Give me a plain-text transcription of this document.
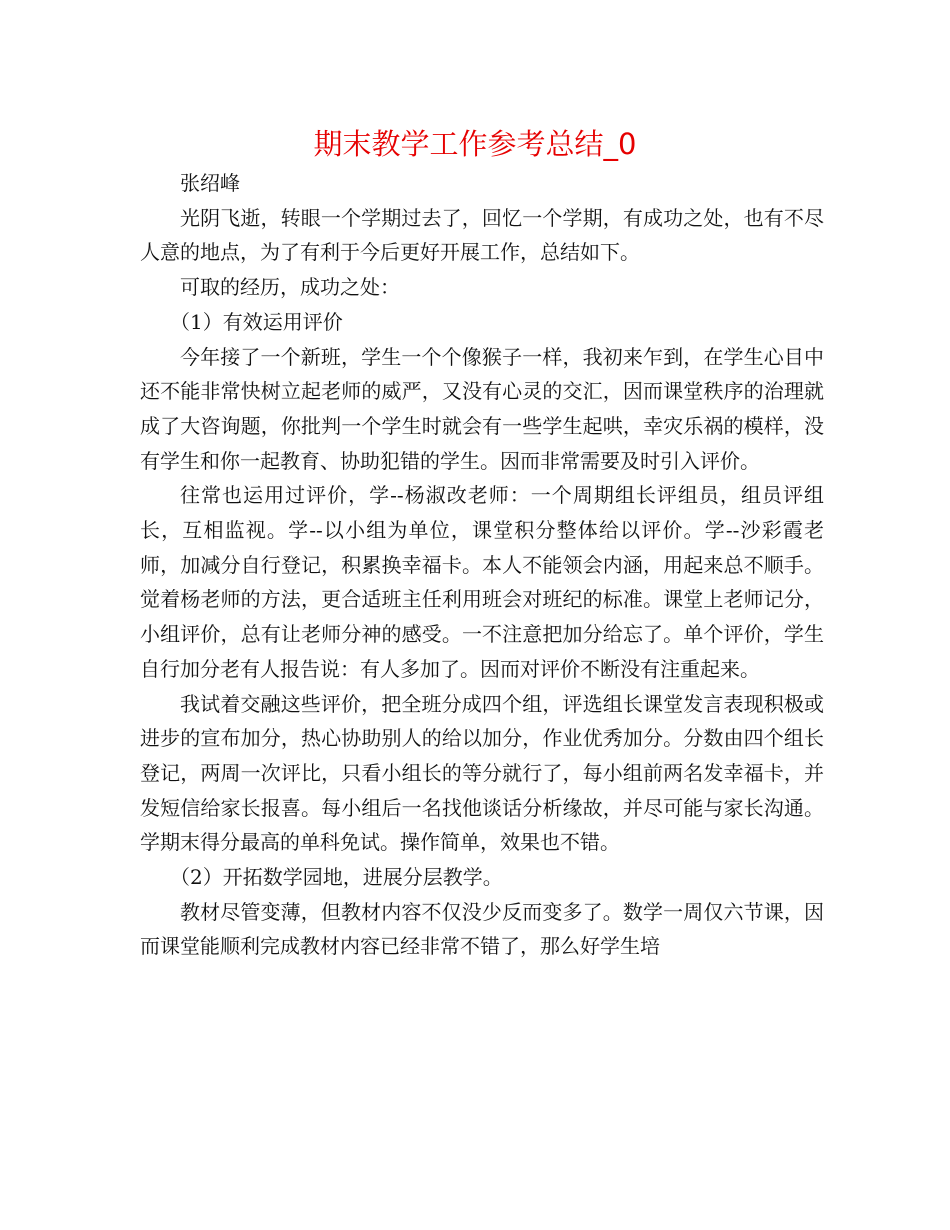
期末教学工作参考总结_0

张绍峰

光阴飞逝，转眼一个学期过去了，回忆一个学期，有成功之处，也有不尽人意的地点，为了有利于今后更好开展工作，总结如下。

可取的经历，成功之处：

（1）有效运用评价

今年接了一个新班，学生一个个像猴子一样，我初来乍到，在学生心目中还不能非常快树立起老师的威严，又没有心灵的交汇，因而课堂秩序的治理就成了大咨询题，你批判一个学生时就会有一些学生起哄，幸灾乐祸的模样，没有学生和你一起教育、协助犯错的学生。因而非常需要及时引入评价。

往常也运用过评价，学--杨淑改老师：一个周期组长评组员，组员评组长，互相监视。学--以小组为单位，课堂积分整体给以评价。学--沙彩霞老师，加减分自行登记，积累换幸福卡。本人不能领会内涵，用起来总不顺手。觉着杨老师的方法，更合适班主任利用班会对班纪的标准。课堂上老师记分，小组评价，总有让老师分神的感受。一不注意把加分给忘了。单个评价，学生自行加分老有人报告说：有人多加了。因而对评价不断没有注重起来。

我试着交融这些评价，把全班分成四个组，评选组长课堂发言表现积极或进步的宣布加分，热心协助别人的给以加分，作业优秀加分。分数由四个组长登记，两周一次评比，只看小组长的等分就行了，每小组前两名发幸福卡，并发短信给家长报喜。每小组后一名找他谈话分析缘故，并尽可能与家长沟通。学期末得分最高的单科免试。操作简单，效果也不错。

（2）开拓数学园地，进展分层教学。

教材尽管变薄，但教材内容不仅没少反而变多了。数学一周仅六节课，因而课堂能顺利完成教材内容已经非常不错了，那么好学生培
